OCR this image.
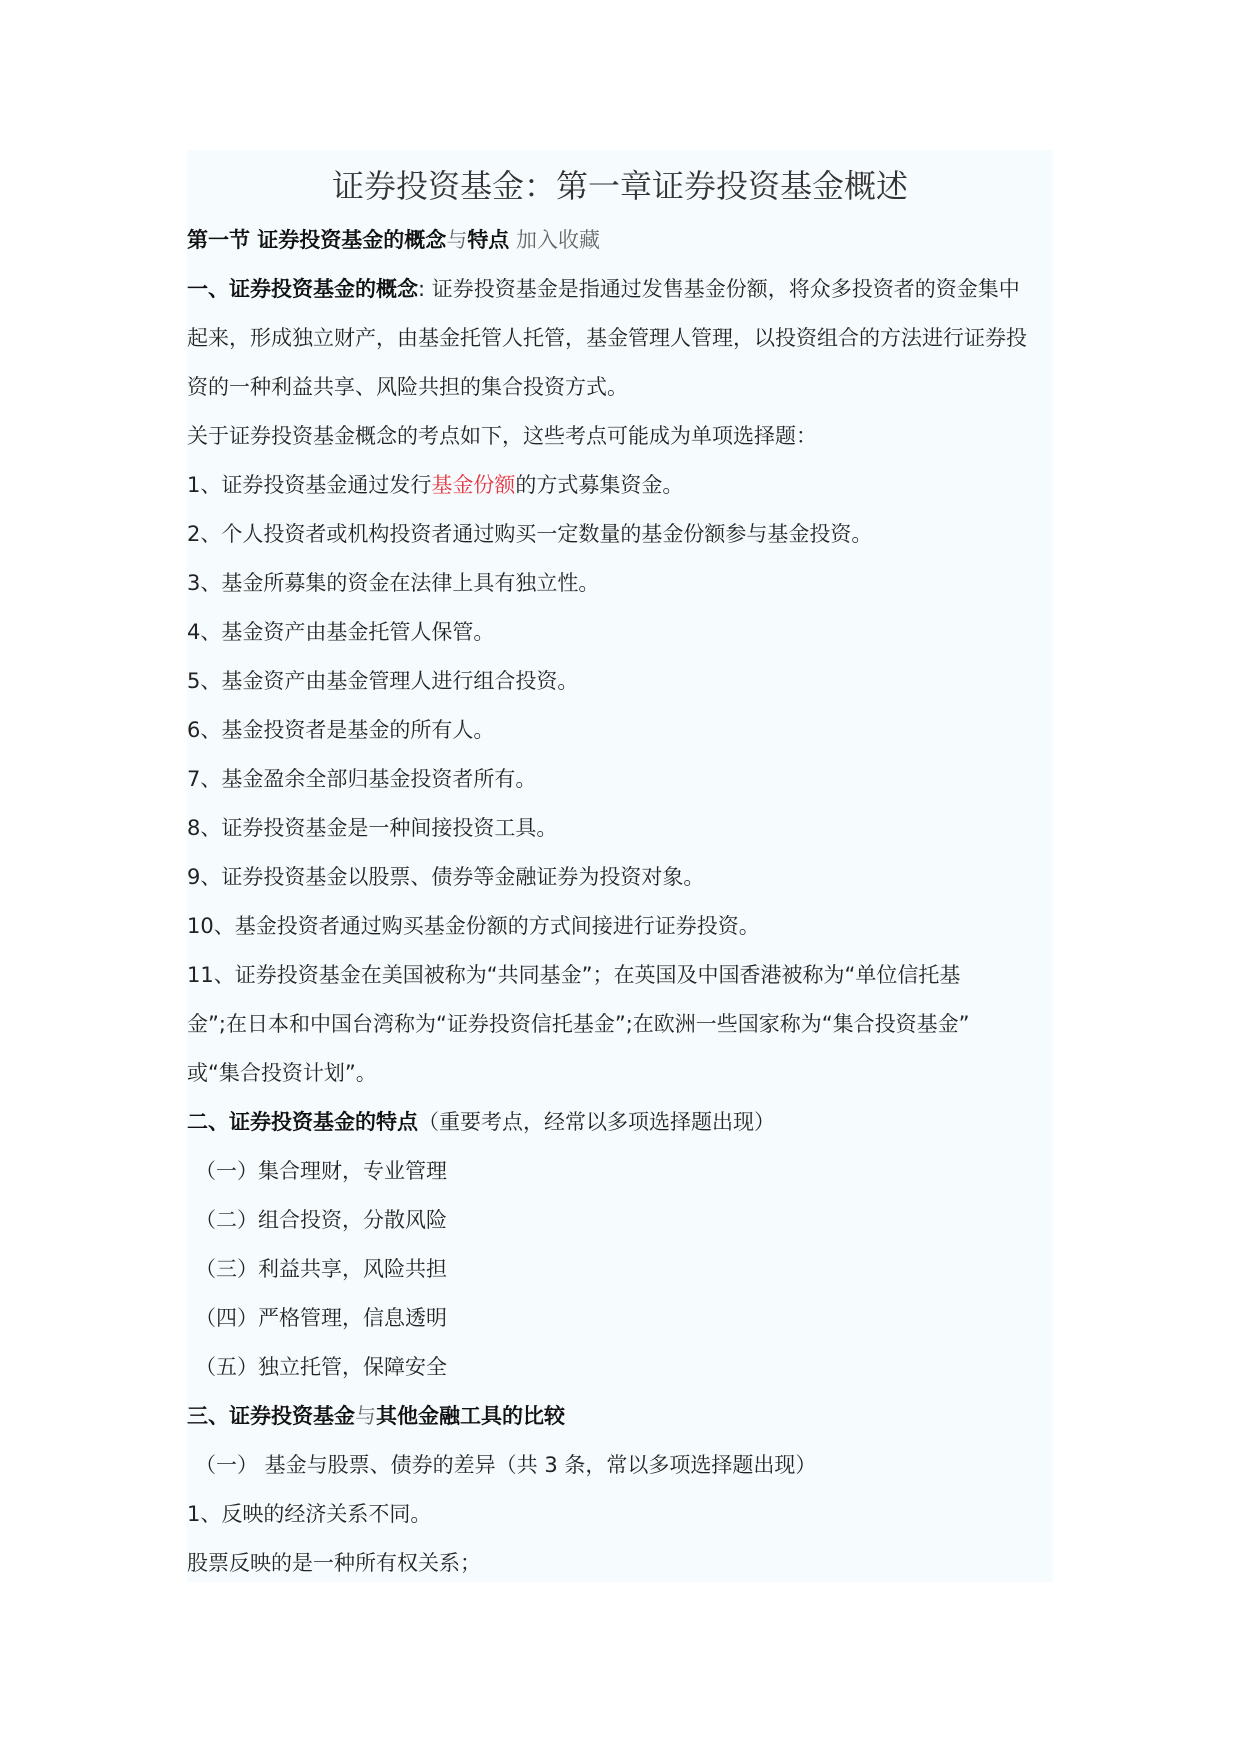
证券投资基金：第一章证券投资基金概述
第一节 证券投资基金的概念与特点 加入收藏
一、证券投资基金的概念: 证券投资基金是指通过发售基金份额，将众多投资者的资金集中
起来，形成独立财产，由基金托管人托管，基金管理人管理，以投资组合的方法进行证券投
资的一种利益共享、风险共担的集合投资方式。
关于证券投资基金概念的考点如下，这些考点可能成为单项选择题：
1、证券投资基金通过发行基金份额的方式募集资金。
2、个人投资者或机构投资者通过购买一定数量的基金份额参与基金投资。
3、基金所募集的资金在法律上具有独立性。
4、基金资产由基金托管人保管。
5、基金资产由基金管理人进行组合投资。
6、基金投资者是基金的所有人。
7、基金盈余全部归基金投资者所有。
8、证券投资基金是一种间接投资工具。
9、证券投资基金以股票、债券等金融证券为投资对象。
10、基金投资者通过购买基金份额的方式间接进行证券投资。
11、证券投资基金在美国被称为“共同基金”；在英国及中国香港被称为“单位信托基
金”;在日本和中国台湾称为“证券投资信托基金”;在欧洲一些国家称为“集合投资基金”
或“集合投资计划”。
二、证券投资基金的特点（重要考点，经常以多项选择题出现）
（一）集合理财，专业管理
（二）组合投资，分散风险
（三）利益共享，风险共担
（四）严格管理，信息透明
（五）独立托管，保障安全
三、证券投资基金与其他金融工具的比较
（一） 基金与股票、债券的差异（共 3 条，常以多项选择题出现）
1、反映的经济关系不同。
股票反映的是一种所有权关系；
